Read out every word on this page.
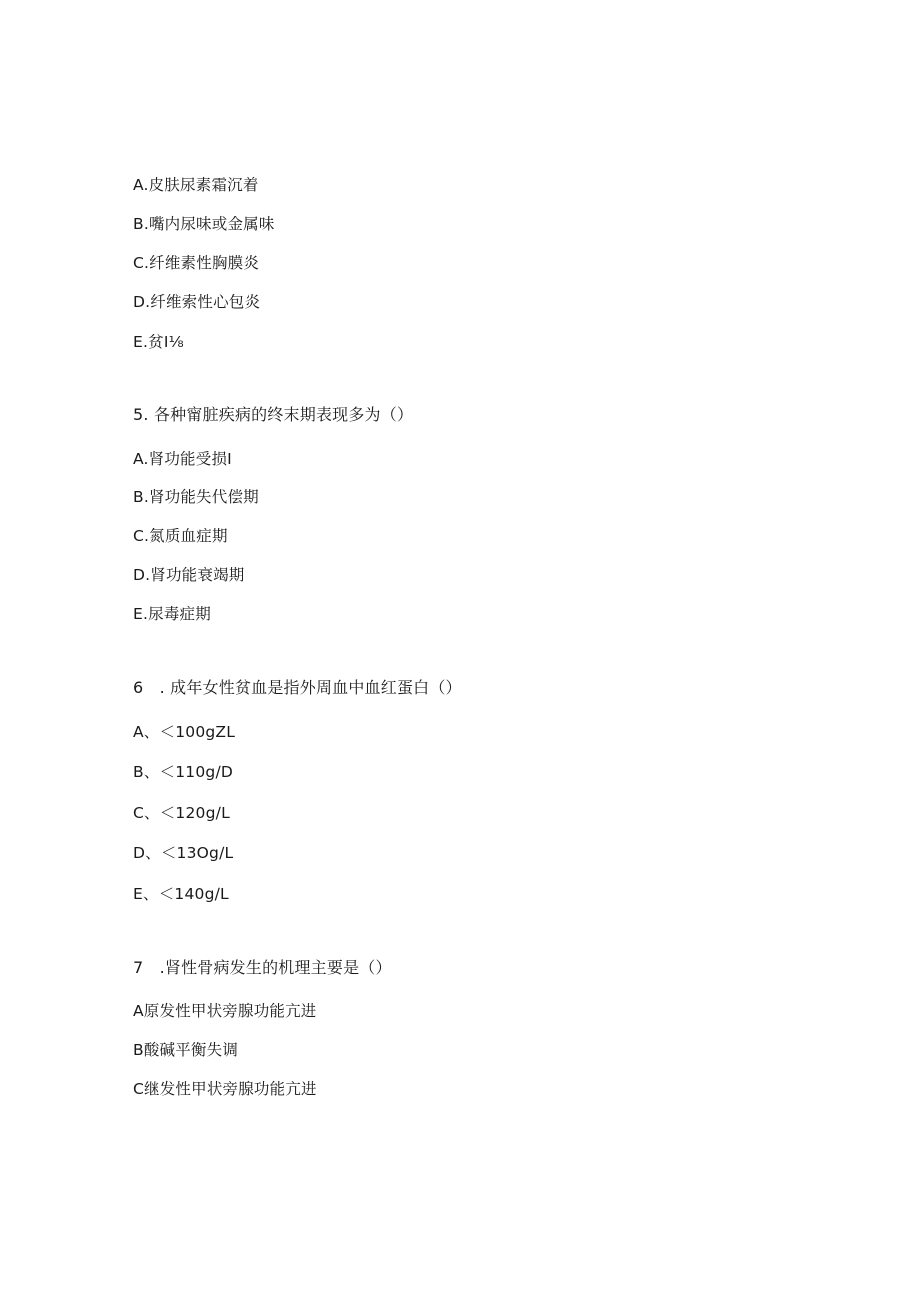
A.皮肤尿素霜沉着
B.嘴内尿味或金属味
C.纤维素性胸膜炎
D.纤维索性心包炎
E.贫I⅛
5. 各种甯脏疾病的终末期表现多为（）
A.肾功能受损I
B.肾功能失代偿期
C.氮质血症期
D.肾功能衰竭期
E.尿毒症期
6　. 成年女性贫血是指外周血中血红蛋白（）
A、＜100gZL
B、＜110g∕D
C、＜120g∕L
D、＜13Og∕L
E、＜140g∕L
7　.肾性骨病发生的机理主要是（）
A原发性甲状旁腺功能亢进
B酸碱平衡失调
C继发性甲状旁腺功能亢进
